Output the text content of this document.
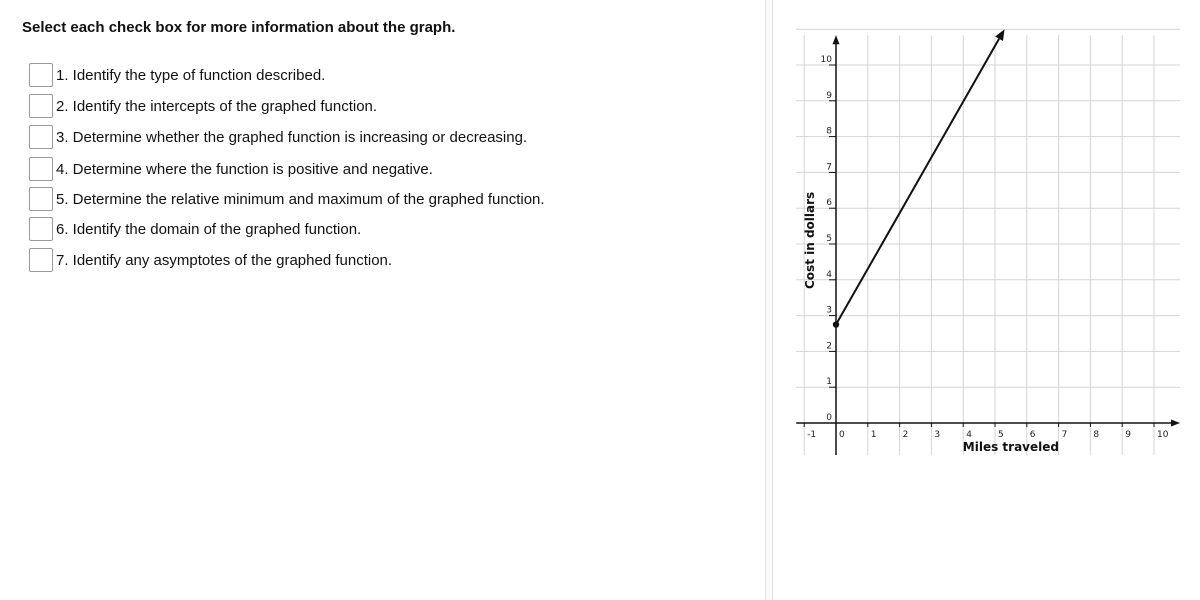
Select each check box for more information about the graph.
1. Identify the type of function described.
2. Identify the intercepts of the graphed function.
3. Determine whether the graphed function is increasing or decreasing.
4. Determine where the function is positive and negative.
5. Determine the relative minimum and maximum of the graphed function.
6. Identify the domain of the graphed function.
7. Identify any asymptotes of the graphed function.
-1	0	1	2	3	4	5	6	7	8	9	10
0
1
2
3
4
5
6
7
8
9
10
Miles traveled
Cost in dollars
